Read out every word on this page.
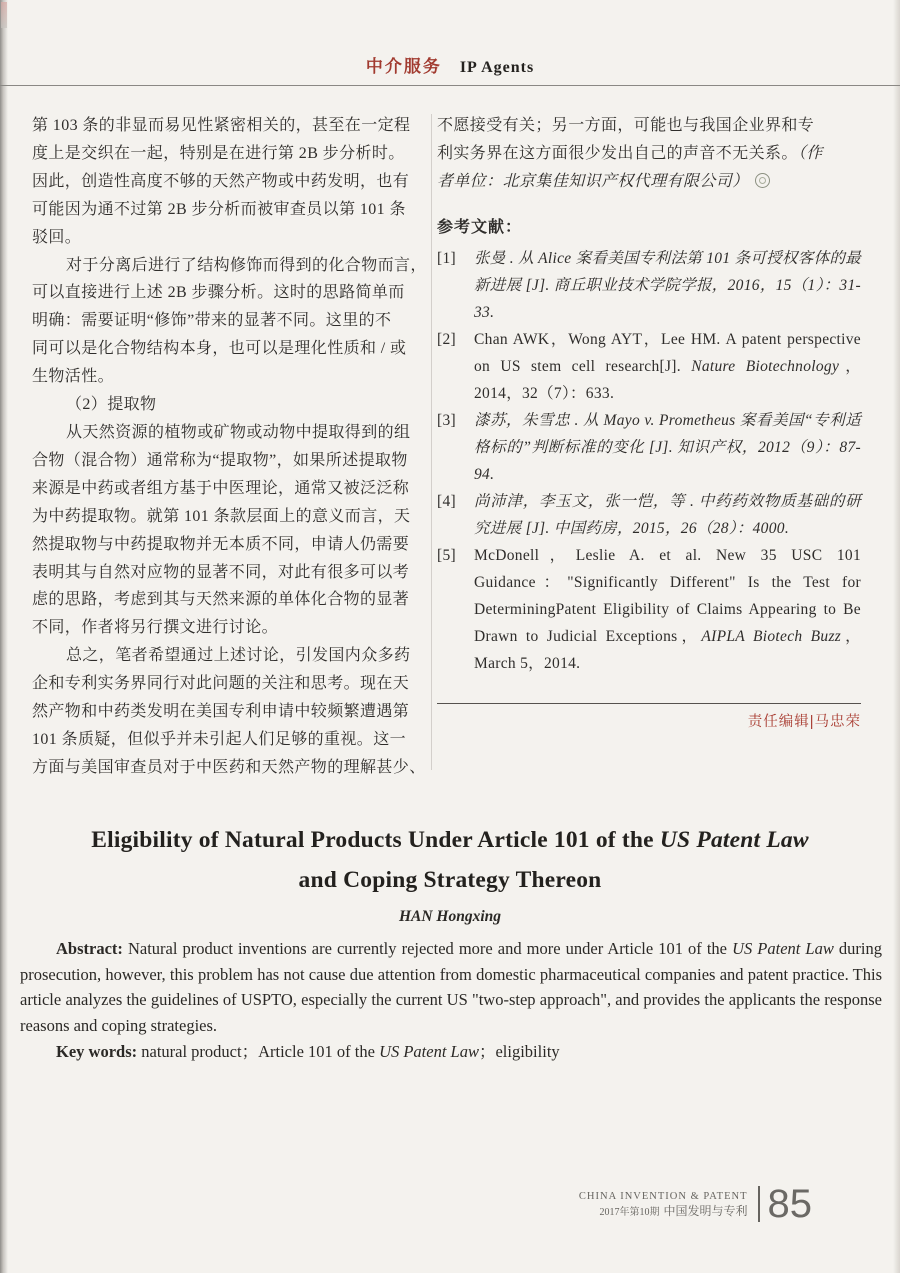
中介服务 IP Agents
第 103 条的非显而易见性紧密相关的，甚至在一定程
度上是交织在一起，特别是在进行第 2B 步分析时。
因此，创造性高度不够的天然产物或中药发明，也有
可能因为通不过第 2B 步分析而被审查员以第 101 条
驳回。
对于分离后进行了结构修饰而得到的化合物而言，
可以直接进行上述 2B 步骤分析。这时的思路简单而
明确：需要证明“修饰”带来的显著不同。这里的不
同可以是化合物结构本身，也可以是理化性质和 / 或
生物活性。
（2）提取物
从天然资源的植物或矿物或动物中提取得到的组
合物（混合物）通常称为“提取物”，如果所述提取物
来源是中药或者组方基于中医理论，通常又被泛泛称
为中药提取物。就第 101 条款层面上的意义而言，天
然提取物与中药提取物并无本质不同，申请人仍需要
表明其与自然对应物的显著不同，对此有很多可以考
虑的思路，考虑到其与天然来源的单体化合物的显著
不同，作者将另行撰文进行讨论。
总之，笔者希望通过上述讨论，引发国内众多药
企和专利实务界同行对此问题的关注和思考。现在天
然产物和中药类发明在美国专利申请中较频繁遭遇第
101 条质疑，但似乎并未引起人们足够的重视。这一
方面与美国审查员对于中医药和天然产物的理解甚少、
不愿接受有关；另一方面，可能也与我国企业界和专
利实务界在这方面很少发出自己的声音不无关系。（作
者单位：北京集佳知识产权代理有限公司）
参考文献：
[1] 张曼 . 从 Alice 案看美国专利法第 101 条可授权客体的最新进展 [J]. 商丘职业技术学院学报，2016，15（1）：31-33.
[2] Chan AWK，Wong AYT，Lee HM. A patent perspective on US stem cell research[J]. Nature Biotechnology，2014，32（7）：633.
[3] 漆苏，朱雪忠 . 从 Mayo v. Prometheus 案看美国“专利适格标的”判断标准的变化 [J]. 知识产权，2012（9）：87-94.
[4] 尚沛津，李玉文，张一恺，等 . 中药药效物质基础的研究进展 [J]. 中国药房，2015，26（28）：4000.
[5] McDonell，Leslie A. et al. New 35 USC 101 Guidance："Significantly Different" Is the Test for DeterminingPatent Eligibility of Claims Appearing to Be Drawn to Judicial Exceptions，AIPLA Biotech Buzz，March 5，2014.
责任编辑|马忠荣
Eligibility of Natural Products Under Article 101 of the US Patent Law
and Coping Strategy Thereon
HAN Hongxing
Abstract: Natural product inventions are currently rejected more and more under Article 101 of the US Patent Law during prosecution, however, this problem has not cause due attention from domestic pharmaceutical companies and patent practice. This article analyzes the guidelines of USPTO, especially the current US "two-step approach", and provides the applicants the response reasons and coping strategies.
Key words: natural product；Article 101 of the US Patent Law；eligibility
CHINA INVENTION & PATENT
2017年第10期 中国发明与专利 85
